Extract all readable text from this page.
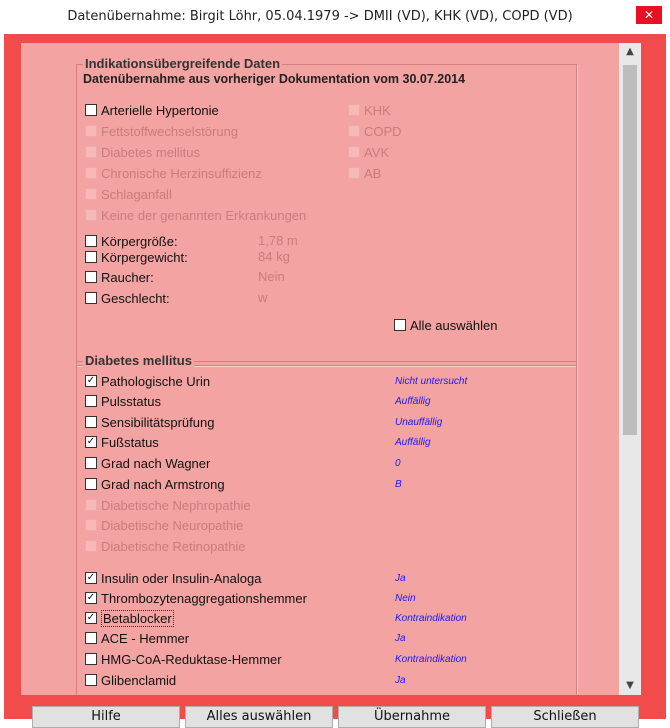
Datenübernahme: Birgit Löhr, 05.04.1979 -> DMII (VD), KHK (VD), COPD (VD)	✕
Indikationsübergreifende Daten
Datenübernahme aus vorheriger Dokumentation vom 30.07.2014
Arterielle Hypertonie
Fettstoffwechselstörung
Diabetes mellitus
Chronische Herzinsuffizienz
Schlaganfall
Keine der genannten Erkrankungen
KHK
COPD
AVK
AB
Körpergröße:	1,78 m
Körpergewicht:	84 kg
Raucher:	Nein
Geschlecht:	w
Alle auswählen
Diabetes mellitus
✓ Pathologische Urin	Nicht untersucht
Pulsstatus	Auffällig
Sensibilitätsprüfung	Unauffällig
✓ Fußstatus	Auffällig
Grad nach Wagner	0
Grad nach Armstrong	B
Diabetische Nephropathie
Diabetische Neuropathie
Diabetische Retinopathie
✓ Insulin oder Insulin-Analoga	Ja
✓ Thrombozytenaggregationshemmer	Nein
✓ Betablocker	Kontraindikation
ACE - Hemmer	Ja
HMG-CoA-Reduktase-Hemmer	Kontraindikation
Glibenclamid	Ja
▲
▼
Hilfe	Alles auswählen	Übernahme	Schließen
